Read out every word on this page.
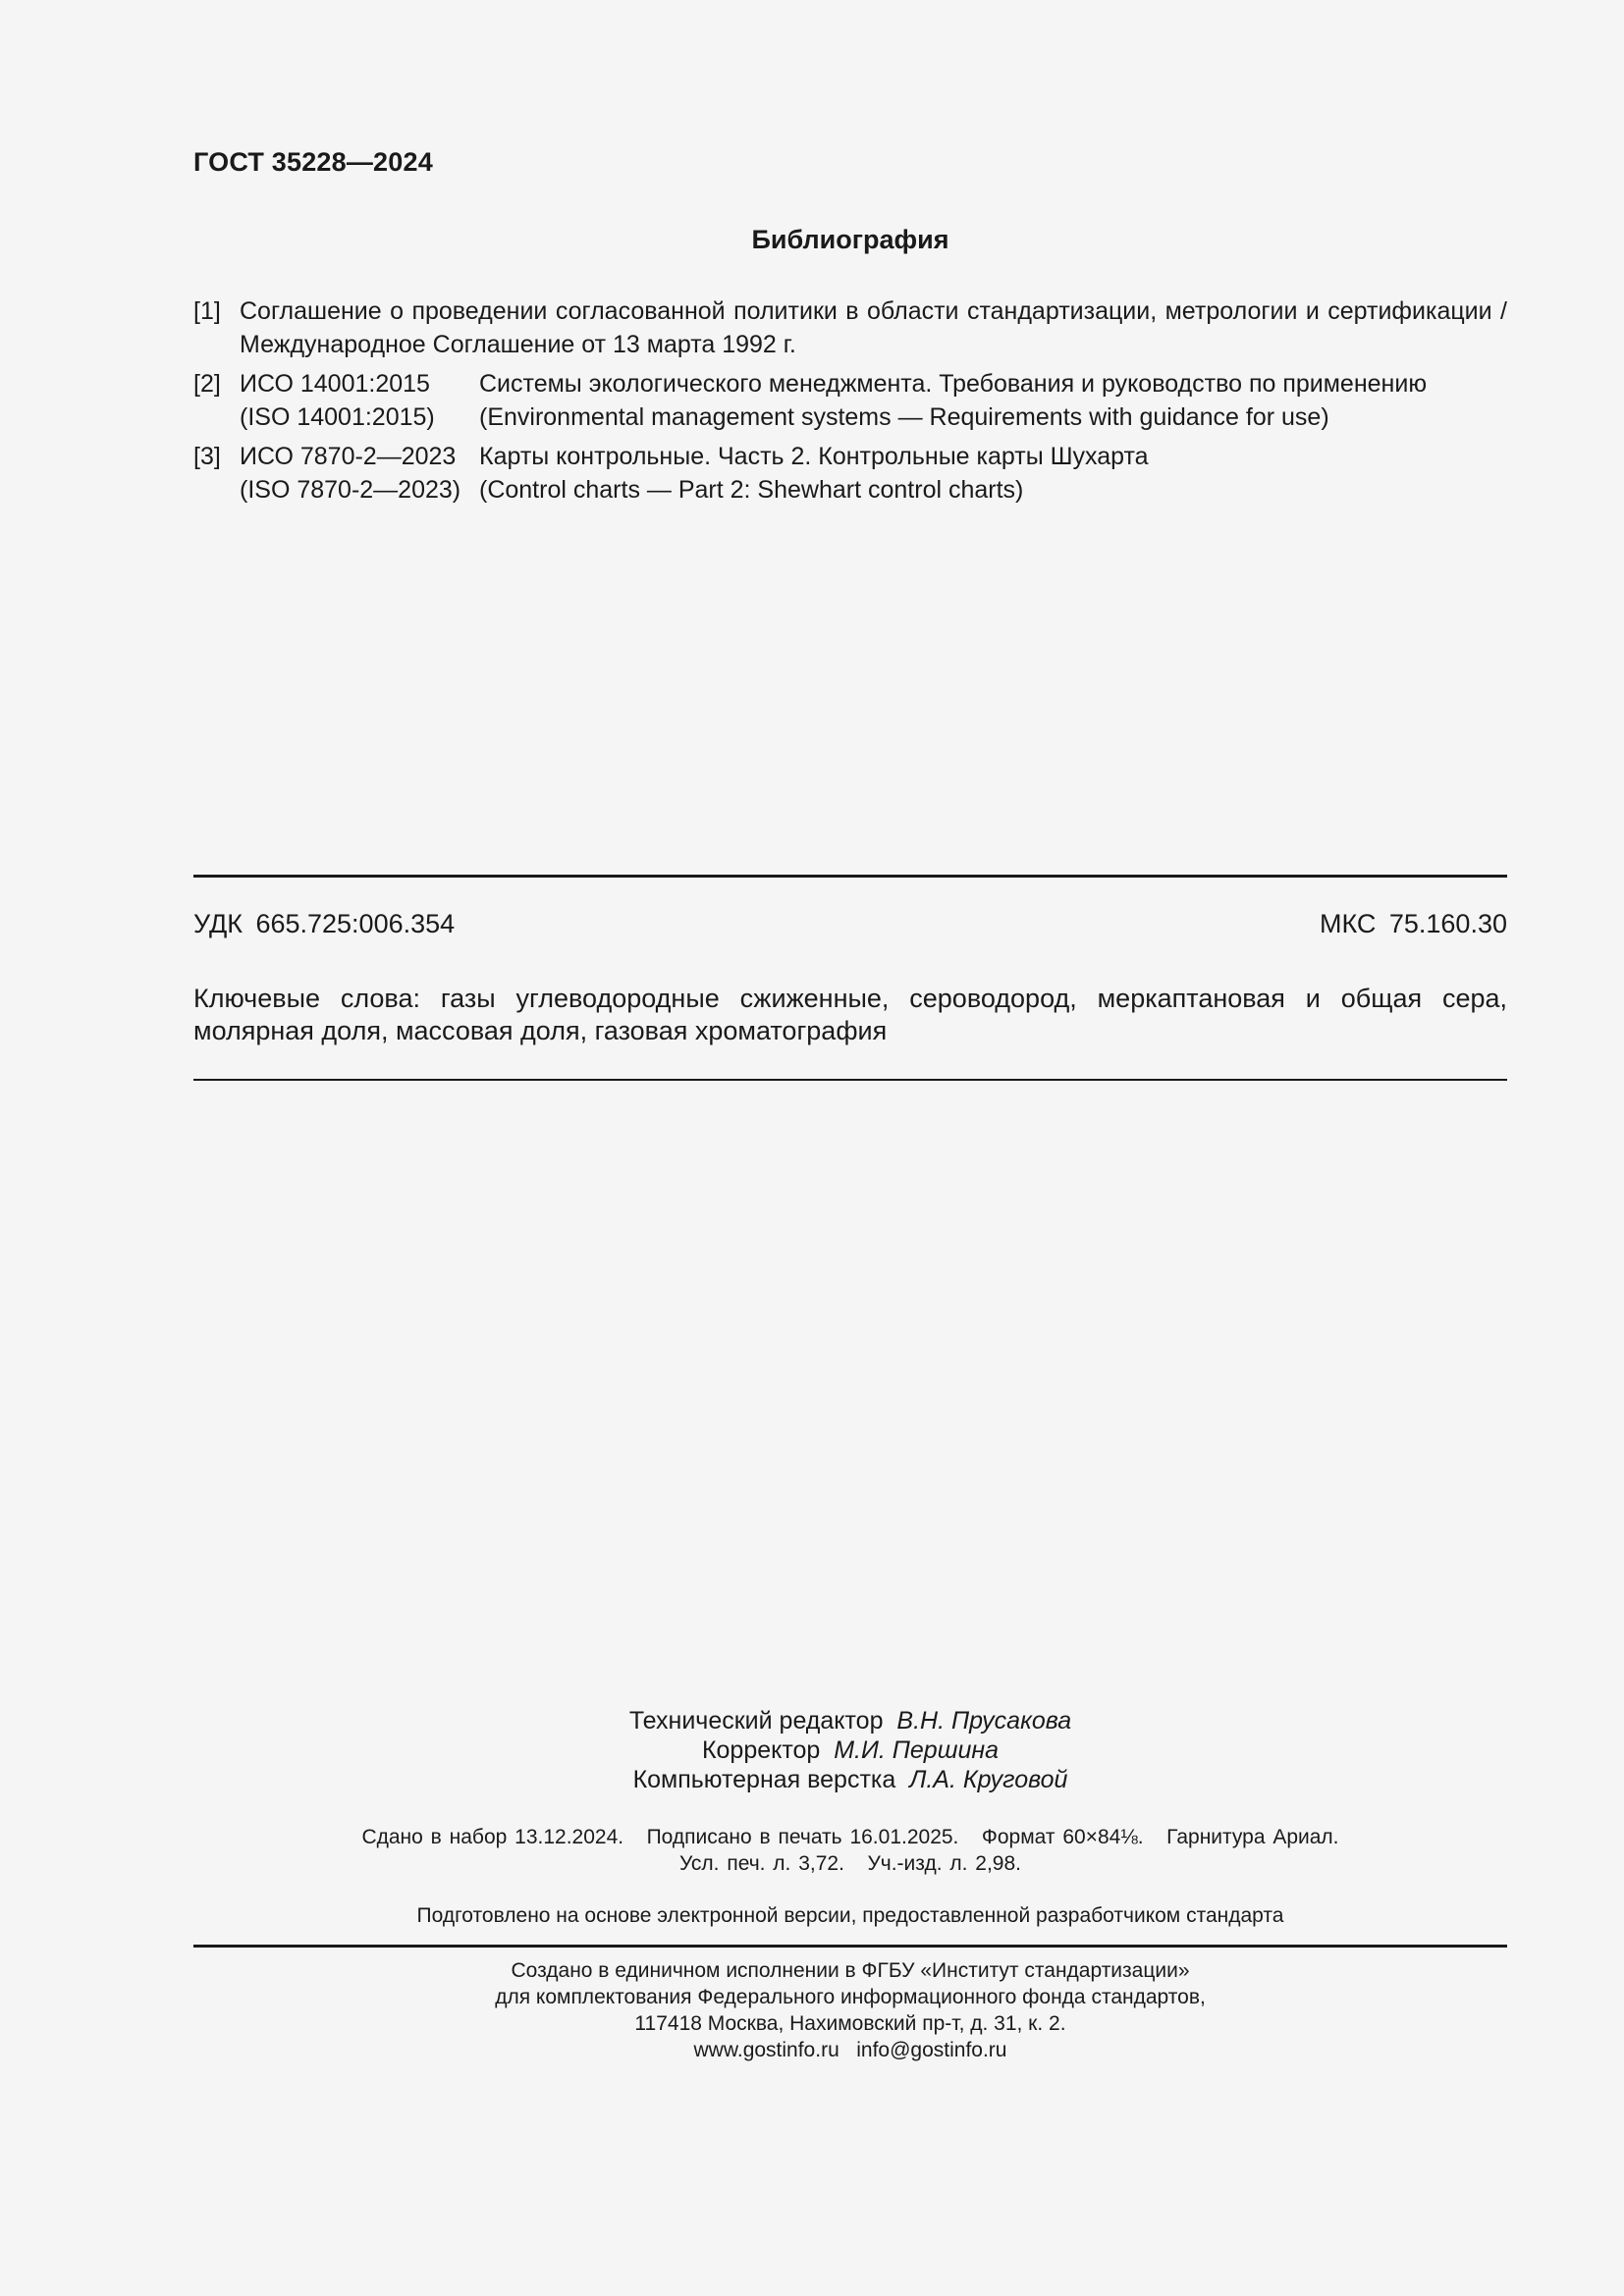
ГОСТ 35228—2024
Библиография
[1] Соглашение о проведении согласованной политики в области стандартизации, метрологии и сертификации / Международное Соглашение от 13 марта 1992 г.
[2] ИСО 14001:2015 Системы экологического менеджмента. Требования и руководство по применению
(ISO 14001:2015) (Environmental management systems — Requirements with guidance for use)
[3] ИСО 7870-2—2023 Карты контрольные. Часть 2. Контрольные карты Шухарта
(ISO 7870-2—2023) (Control charts — Part 2: Shewhart control charts)
УДК 665.725:006.354	МКС 75.160.30
Ключевые слова: газы углеводородные сжиженные, сероводород, меркаптановая и общая сера, молярная доля, массовая доля, газовая хроматография
Технический редактор В.Н. Прусакова
Корректор М.И. Першина
Компьютерная верстка Л.А. Круговой
Сдано в набор 13.12.2024.   Подписано в печать 16.01.2025.   Формат 60×84⅛.   Гарнитура Ариал.
Усл. печ. л. 3,72.   Уч.-изд. л. 2,98.
Подготовлено на основе электронной версии, предоставленной разработчиком стандарта
Создано в единичном исполнении в ФГБУ «Институт стандартизации»
для комплектования Федерального информационного фонда стандартов,
117418 Москва, Нахимовский пр-т, д. 31, к. 2.
www.gostinfo.ru   info@gostinfo.ru
